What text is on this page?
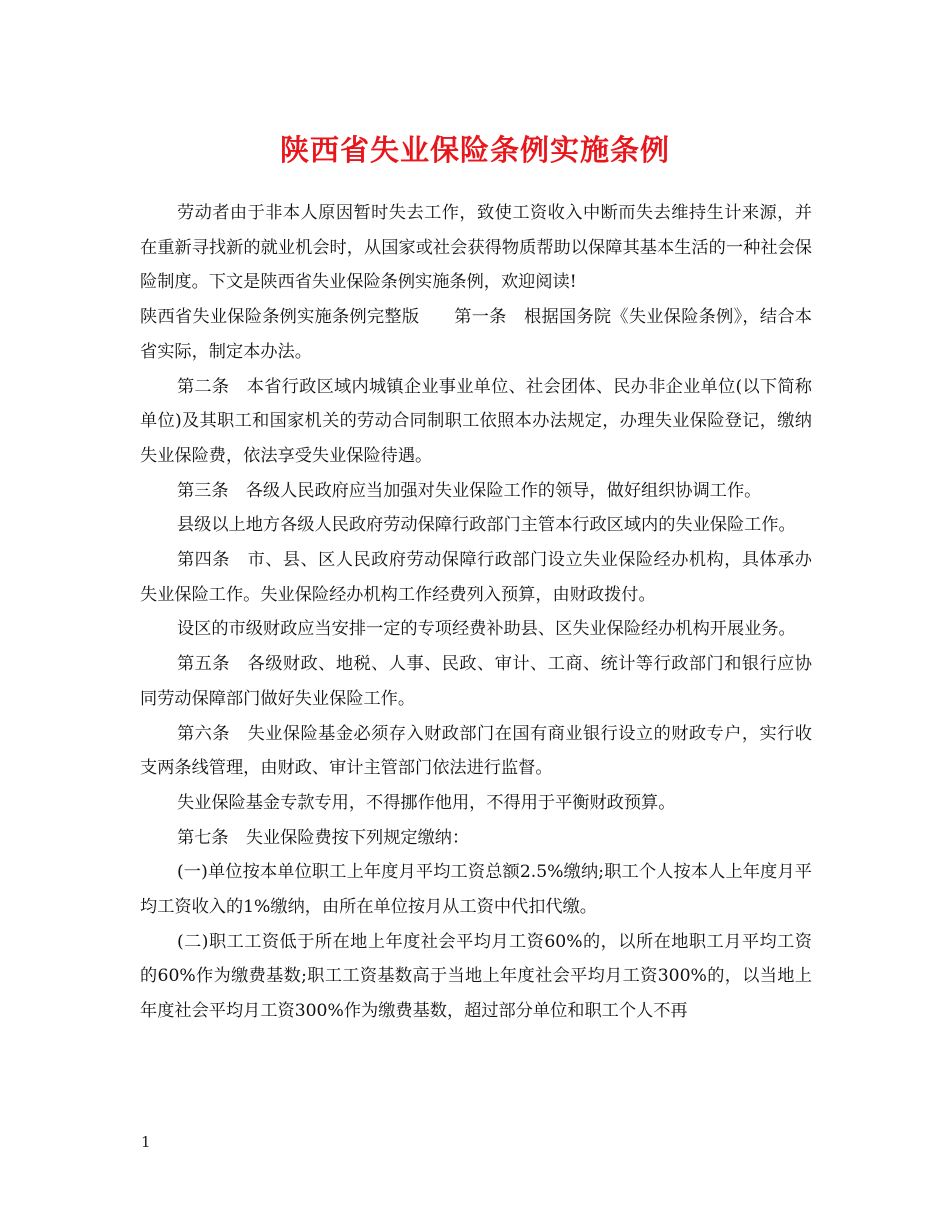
陕西省失业保险条例实施条例

劳动者由于非本人原因暂时失去工作，致使工资收入中断而失去维持生计来源，并在重新寻找新的就业机会时，从国家或社会获得物质帮助以保障其基本生活的一种社会保险制度。下文是陕西省失业保险条例实施条例，欢迎阅读!

陕西省失业保险条例实施条例完整版　　第一条　根据国务院《失业保险条例》，结合本省实际，制定本办法。

第二条　本省行政区域内城镇企业事业单位、社会团体、民办非企业单位(以下简称单位)及其职工和国家机关的劳动合同制职工依照本办法规定，办理失业保险登记，缴纳失业保险费，依法享受失业保险待遇。

第三条　各级人民政府应当加强对失业保险工作的领导，做好组织协调工作。

县级以上地方各级人民政府劳动保障行政部门主管本行政区域内的失业保险工作。

第四条　市、县、区人民政府劳动保障行政部门设立失业保险经办机构，具体承办失业保险工作。失业保险经办机构工作经费列入预算，由财政拨付。

设区的市级财政应当安排一定的专项经费补助县、区失业保险经办机构开展业务。

第五条　各级财政、地税、人事、民政、审计、工商、统计等行政部门和银行应协同劳动保障部门做好失业保险工作。

第六条　失业保险基金必须存入财政部门在国有商业银行设立的财政专户，实行收支两条线管理，由财政、审计主管部门依法进行监督。

失业保险基金专款专用，不得挪作他用，不得用于平衡财政预算。

第七条　失业保险费按下列规定缴纳：

(一)单位按本单位职工上年度月平均工资总额2.5%缴纳;职工个人按本人上年度月平均工资收入的1%缴纳，由所在单位按月从工资中代扣代缴。

(二)职工工资低于所在地上年度社会平均月工资60%的，以所在地职工月平均工资的60%作为缴费基数;职工工资基数高于当地上年度社会平均月工资300%的，以当地上年度社会平均月工资300%作为缴费基数，超过部分单位和职工个人不再

1
